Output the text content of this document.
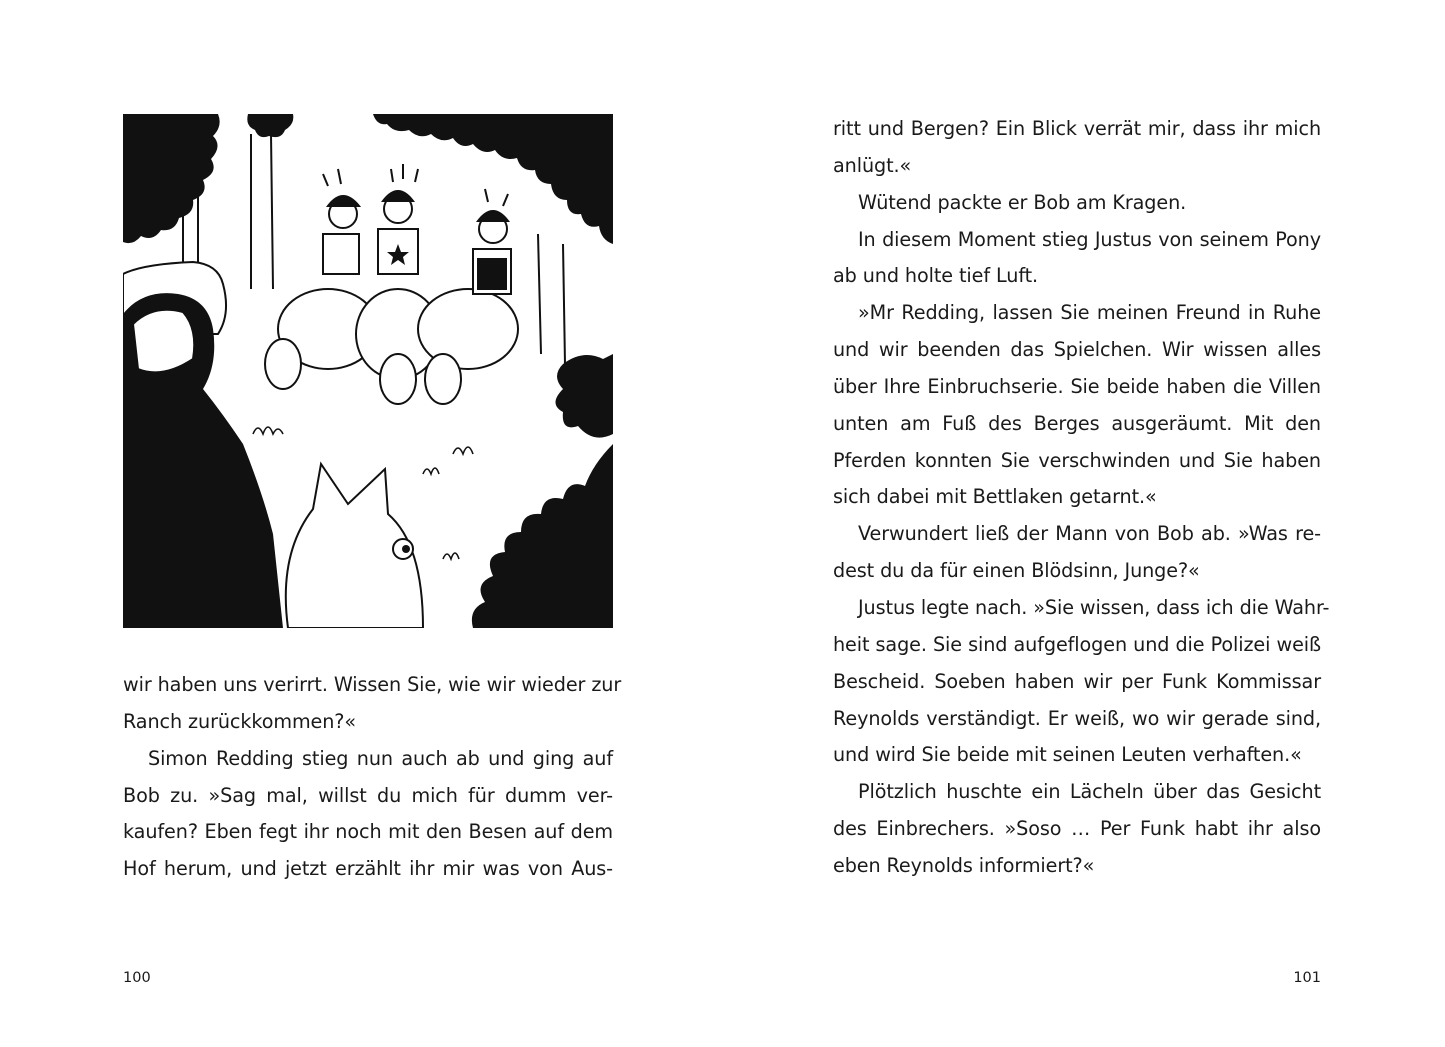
wir haben uns verirrt. Wissen Sie, wie wir wieder zur
Ranch zurückkommen?«
Simon Redding stieg nun auch ab und ging auf
Bob zu. »Sag mal, willst du mich für dumm ver-
kaufen? Eben fegt ihr noch mit den Besen auf dem
Hof herum, und jetzt erzählt ihr mir was von Aus-
100
ritt und Bergen? Ein Blick verrät mir, dass ihr mich
anlügt.«
Wütend packte er Bob am Kragen.
In diesem Moment stieg Justus von seinem Pony
ab und holte tief Luft.
»Mr Redding, lassen Sie meinen Freund in Ruhe
und wir beenden das Spielchen. Wir wissen alles
über Ihre Einbruchserie. Sie beide haben die Villen
unten am Fuß des Berges ausgeräumt. Mit den
Pferden konnten Sie verschwinden und Sie haben
sich dabei mit Bettlaken getarnt.«
Verwundert ließ der Mann von Bob ab. »Was re-
dest du da für einen Blödsinn, Junge?«
Justus legte nach. »Sie wissen, dass ich die Wahr-
heit sage. Sie sind aufgeflogen und die Polizei weiß
Bescheid. Soeben haben wir per Funk Kommissar
Reynolds verständigt. Er weiß, wo wir gerade sind,
und wird Sie beide mit seinen Leuten verhaften.«
Plötzlich huschte ein Lächeln über das Gesicht
des Einbrechers. »Soso … Per Funk habt ihr also
eben Reynolds informiert?«
101
